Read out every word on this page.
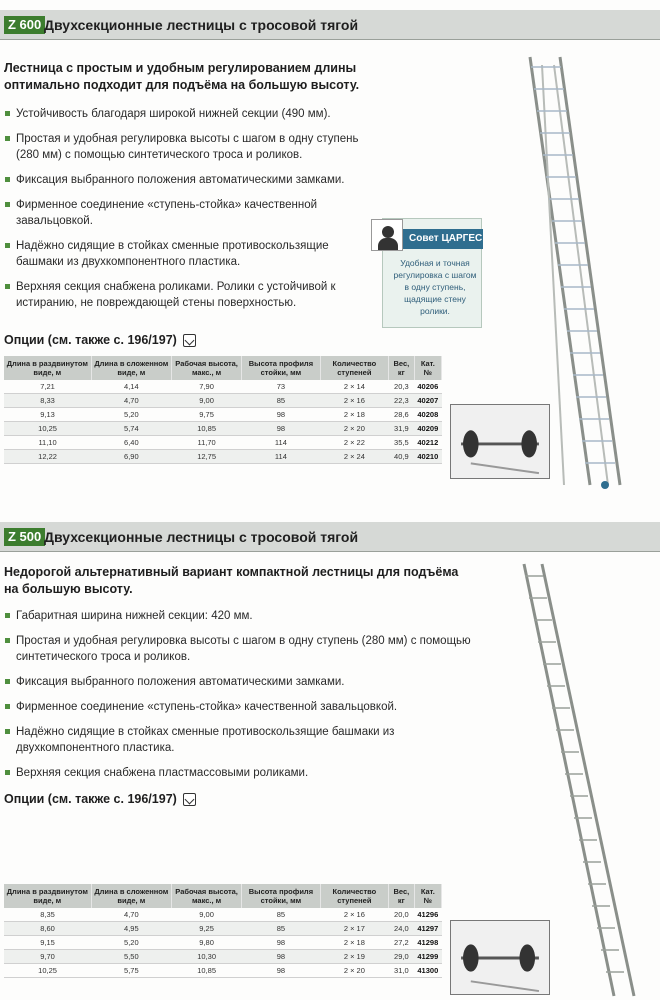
Z 600 Двухсекционные лестницы с тросовой тягой
Лестница с простым и удобным регулированием длины оптимально подходит для подъёма на большую высоту.
Устойчивость благодаря широкой нижней секции (490 мм).
Простая и удобная регулировка высоты с шагом в одну ступень (280 мм) с помощью синтетического троса и роликов.
Фиксация выбранного положения автоматическими замками.
Фирменное соединение «ступень-стойка» качественной завальцовкой.
Надёжно сидящие в стойках сменные противоскользящие башмаки из двухкомпонентного пластика.
Верхняя секция снабжена роликами. Ролики с устойчивой к истиранию, не повреждающей стены поверхностью.
Совет ЦАРГЕС
Удобная и точная регулировка с шагом в одну ступень, щадящие стену ролики.
Опции (см. также с. 196/197)
Длина в раздвинутом виде, м	Длина в сложенном виде, м	Рабочая высота, макс., м	Высота профиля стойки, мм	Количество ступеней	Вес, кг	Кат. №
7,21	4,14	7,90	73	2 × 14	20,3	40206
8,33	4,70	9,00	85	2 × 16	22,3	40207
9,13	5,20	9,75	98	2 × 18	28,6	40208
10,25	5,74	10,85	98	2 × 20	31,9	40209
11,10	6,40	11,70	114	2 × 22	35,5	40212
12,22	6,90	12,75	114	2 × 24	40,9	40210
Z 500 Двухсекционные лестницы с тросовой тягой
Недорогой альтернативный вариант компактной лестницы для подъёма на большую высоту.
Габаритная ширина нижней секции: 420 мм.
Простая и удобная регулировка высоты с шагом в одну ступень (280 мм) с помощью синтетического троса и роликов.
Фиксация выбранного положения автоматическими замками.
Фирменное соединение «ступень-стойка» качественной завальцовкой.
Надёжно сидящие в стойках сменные противоскользящие башмаки из двухкомпонентного пластика.
Верхняя секция снабжена пластмассовыми роликами.
Опции (см. также с. 196/197)
Длина в раздвинутом виде, м	Длина в сложенном виде, м	Рабочая высота, макс., м	Высота профиля стойки, мм	Количество ступеней	Вес, кг	Кат. №
8,35	4,70	9,00	85	2 × 16	20,0	41296
8,60	4,95	9,25	85	2 × 17	24,0	41297
9,15	5,20	9,80	98	2 × 18	27,2	41298
9,70	5,50	10,30	98	2 × 19	29,0	41299
10,25	5,75	10,85	98	2 × 20	31,0	41300
